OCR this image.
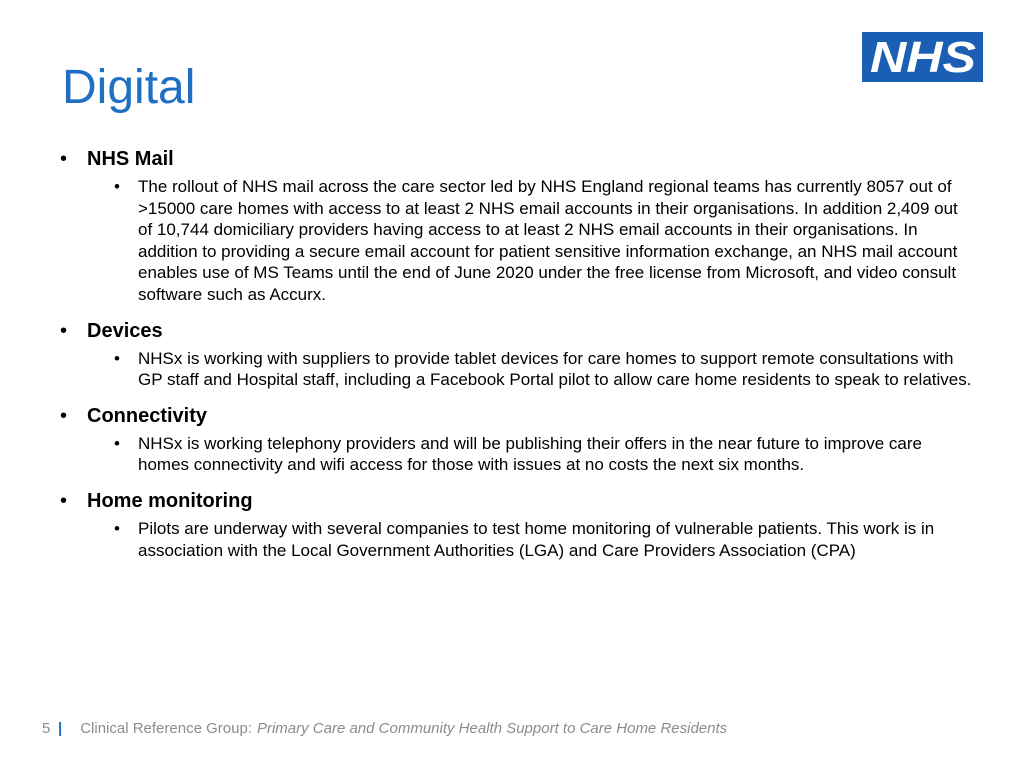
NHS
Digital
• NHS Mail
•	The rollout of NHS mail across the care sector led by NHS England regional teams has currently 8057 out of >15000 care homes with access to at least 2 NHS email accounts in their organisations. In addition 2,409 out of 10,744 domiciliary providers having access to at least 2 NHS email accounts in their organisations. In addition to providing a secure email account for patient sensitive information exchange, an NHS mail account enables use of MS Teams until the end of June 2020 under the free license from Microsoft, and video consult software such as Accurx.
• Devices
•	NHSx is working with suppliers to provide tablet devices for care homes to support remote consultations with GP staff and Hospital staff, including a Facebook Portal pilot to allow care home residents to speak to relatives.
• Connectivity
•	NHSx is working telephony providers and will be publishing their offers in the near future to improve care homes connectivity and wifi access for those with issues at no costs the next six months.
• Home monitoring
•	Pilots are underway with several companies to test home monitoring of vulnerable patients. This work is in association with the Local Government Authorities (LGA) and Care Providers Association (CPA)
5 | Clinical Reference Group: Primary Care and Community Health Support to Care Home Residents
